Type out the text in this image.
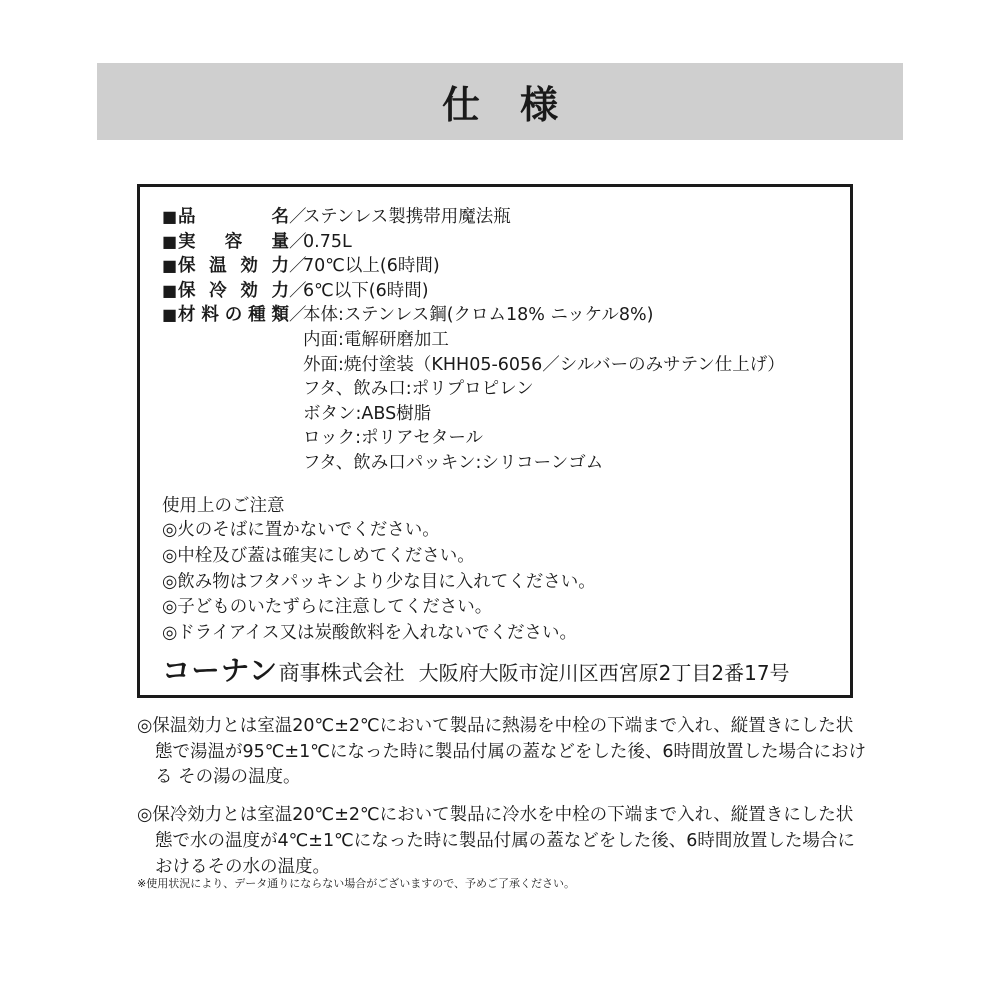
仕様
■ 品名 ／
ステンレス製携帯用魔法瓶
■ 実容量 ／
0.75L
■ 保温効力 ／
70℃以上(6時間)
■ 保冷効力 ／
6℃以下(6時間)
■ 材料の種類 ／
本体:ステンレス鋼(クロム18% ニッケル8%)
内面:電解研磨加工
外面:焼付塗装（KHH05-6056／シルバーのみサテン仕上げ）
フタ、飲み口:ポリプロピレン
ボタン:ABS樹脂
ロック:ポリアセタール
フタ、飲み口パッキン:シリコーンゴム
使用上のご注意
◎火のそばに置かないでください。
◎中栓及び蓋は確実にしめてください。
◎飲み物はフタパッキンより少な目に入れてください。
◎子どものいたずらに注意してください。
◎ドライアイス又は炭酸飲料を入れないでください。
コーナン 商事株式会社 大阪府大阪市淀川区西宮原2丁目2番17号
◎保温効力とは室温20℃±2℃において製品に熱湯を中栓の下端まで入れ、縦置きにした状態で湯温が95℃±1℃になった時に製品付属の蓋などをした後、6時間放置した場合における その湯の温度。
◎保冷効力とは室温20℃±2℃において製品に冷水を中栓の下端まで入れ、縦置きにした状態で水の温度が4℃±1℃になった時に製品付属の蓋などをした後、6時間放置した場合におけるその水の温度。
※使用状況により、データ通りにならない場合がございますので、予めご了承ください。
